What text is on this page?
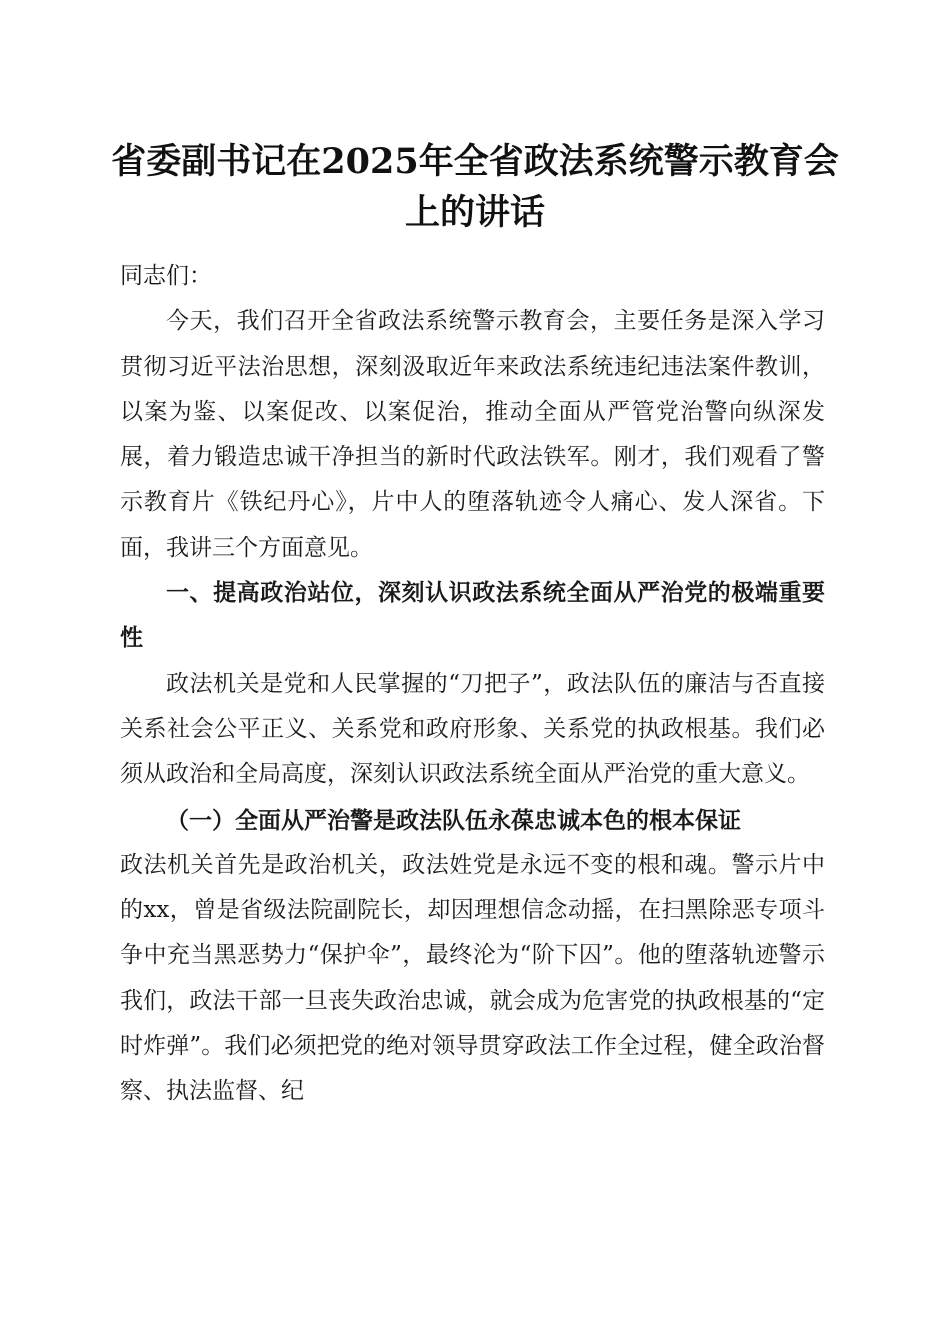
省委副书记在2025年全省政法系统警示教育会上的讲话

同志们：

今天，我们召开全省政法系统警示教育会，主要任务是深入学习贯彻习近平法治思想，深刻汲取近年来政法系统违纪违法案件教训，以案为鉴、以案促改、以案促治，推动全面从严管党治警向纵深发展，着力锻造忠诚干净担当的新时代政法铁军。刚才，我们观看了警示教育片《铁纪丹心》，片中人的堕落轨迹令人痛心、发人深省。下面，我讲三个方面意见。

一、提高政治站位，深刻认识政法系统全面从严治党的极端重要性

政法机关是党和人民掌握的“刀把子”，政法队伍的廉洁与否直接关系社会公平正义、关系党和政府形象、关系党的执政根基。我们必须从政治和全局高度，深刻认识政法系统全面从严治党的重大意义。

（一）全面从严治警是政法队伍永葆忠诚本色的根本保证

政法机关首先是政治机关，政法姓党是永远不变的根和魂。警示片中的xx，曾是省级法院副院长，却因理想信念动摇，在扫黑除恶专项斗争中充当黑恶势力“保护伞”，最终沦为“阶下囚”。他的堕落轨迹警示我们，政法干部一旦丧失政治忠诚，就会成为危害党的执政根基的“定时炸弹”。我们必须把党的绝对领导贯穿政法工作全过程，健全政治督察、执法监督、纪
